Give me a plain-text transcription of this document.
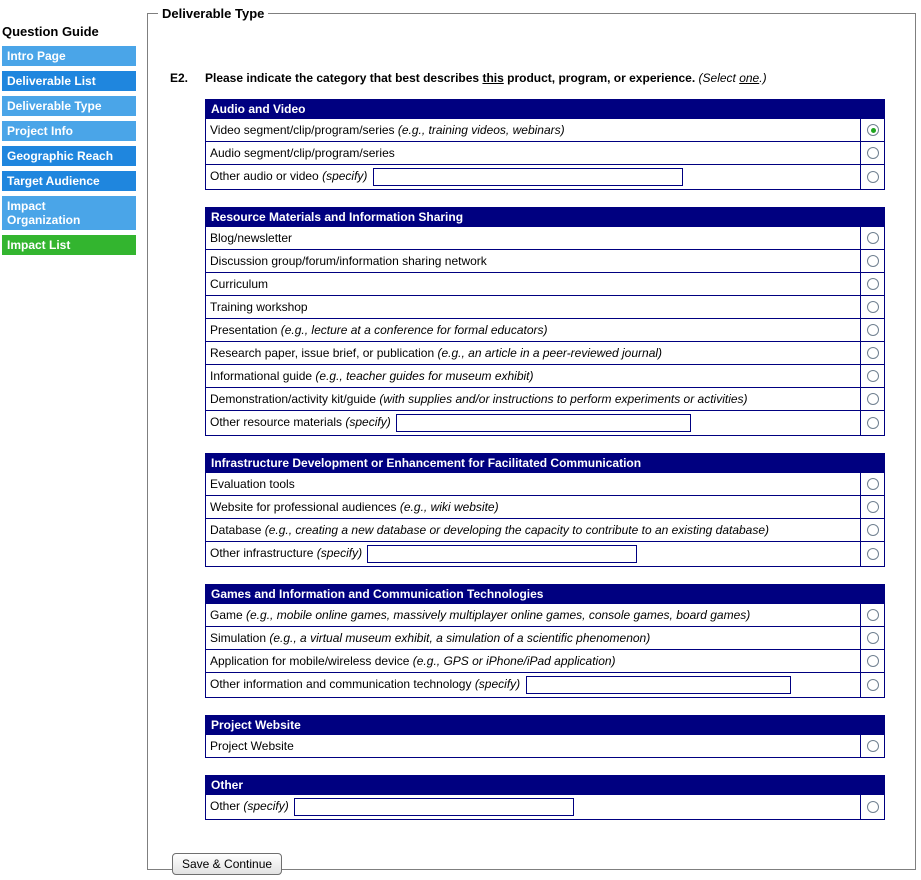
Question Guide
Intro Page
Deliverable List
Deliverable Type
Project Info
Geographic Reach
Target Audience
Impact Organization
Impact List
Deliverable Type
E2.	Please indicate the category that best describes this product, program, or experience. (Select one.)
Audio and Video	
Video segment/clip/program/series (e.g., training videos, webinars)	
Audio segment/clip/program/series	
Other audio or video (specify)	
Resource Materials and Information Sharing	
Blog/newsletter	
Discussion group/forum/information sharing network	
Curriculum	
Training workshop	
Presentation (e.g., lecture at a conference for formal educators)	
Research paper, issue brief, or publication (e.g., an article in a peer-reviewed journal)	
Informational guide (e.g., teacher guides for museum exhibit)	
Demonstration/activity kit/guide (with supplies and/or instructions to perform experiments or activities)	
Other resource materials (specify)	
Infrastructure Development or Enhancement for Facilitated Communication	
Evaluation tools	
Website for professional audiences (e.g., wiki website)	
Database (e.g., creating a new database or developing the capacity to contribute to an existing database)	
Other infrastructure (specify)	
Games and Information and Communication Technologies	
Game (e.g., mobile online games, massively multiplayer online games, console games, board games)	
Simulation (e.g., a virtual museum exhibit, a simulation of a scientific phenomenon)	
Application for mobile/wireless device (e.g., GPS or iPhone/iPad application)	
Other information and communication technology (specify)	
Project Website
Project Website	
Other
Other (specify)	
Save & Continue
